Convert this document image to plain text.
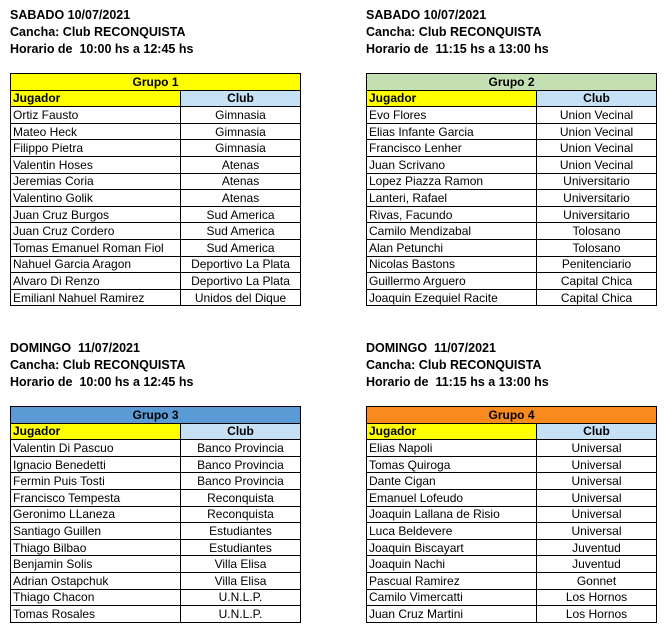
SABADO 10/07/2021
Cancha: Club RECONQUISTA
Horario de  10:00 hs a 12:45 hs
Grupo 1	
Jugador	Club
Ortiz Fausto	Gimnasia
Mateo Heck	Gimnasia
Filippo Pietra	Gimnasia
Valentin Hoses	Atenas
Jeremias Coria	Atenas
Valentino Golik	Atenas
Juan Cruz Burgos	Sud America
Juan Cruz Cordero	Sud America
Tomas Emanuel Roman Fiol	Sud America
Nahuel Garcia Aragon	Deportivo La Plata
Alvaro Di Renzo	Deportivo La Plata
Emilianl Nahuel Ramirez	Unidos del Dique
SABADO 10/07/2021
Cancha: Club RECONQUISTA
Horario de  11:15 hs a 13:00 hs
Grupo 2	
Jugador	Club
Evo Flores	Union Vecinal
Elias Infante Garcia	Union Vecinal
Francisco Lenher	Union Vecinal
Juan Scrivano	Union Vecinal
Lopez Piazza Ramon	Universitario
Lanteri, Rafael	Universitario
Rivas, Facundo	Universitario
Camilo Mendizabal	Tolosano
Alan Petunchi	Tolosano
Nicolas Bastons	Penitenciario
Guillermo Arguero	Capital Chica
Joaquin Ezequiel Racite	Capital Chica
DOMINGO  11/07/2021
Cancha: Club RECONQUISTA
Horario de  10:00 hs a 12:45 hs
Grupo 3	
Jugador	Club
Valentin Di Pascuo	Banco Provincia
Ignacio Benedetti	Banco Provincia
Fermin Puis Tosti	Banco Provincia
Francisco Tempesta	Reconquista
Geronimo LLaneza	Reconquista
Santiago Guillen	Estudiantes
Thiago Bilbao	Estudiantes
Benjamin Solis	Villa Elisa
Adrian Ostapchuk	Villa Elisa
Thiago Chacon	U.N.L.P.
Tomas Rosales	U.N.L.P.
DOMINGO  11/07/2021
Cancha: Club RECONQUISTA
Horario de  11:15 hs a 13:00 hs
Grupo 4	
Jugador	Club
Elias Napoli	Universal
Tomas Quiroga	Universal
Dante Cigan	Universal
Emanuel Lofeudo	Universal
Joaquin Lallana de Risio	Universal
Luca Beldevere	Universal
Joaquin Biscayart	Juventud
Joaquin Nachi	Juventud
Pascual Ramirez	Gonnet
Camilo Vimercatti	Los Hornos
Juan Cruz Martini	Los Hornos
